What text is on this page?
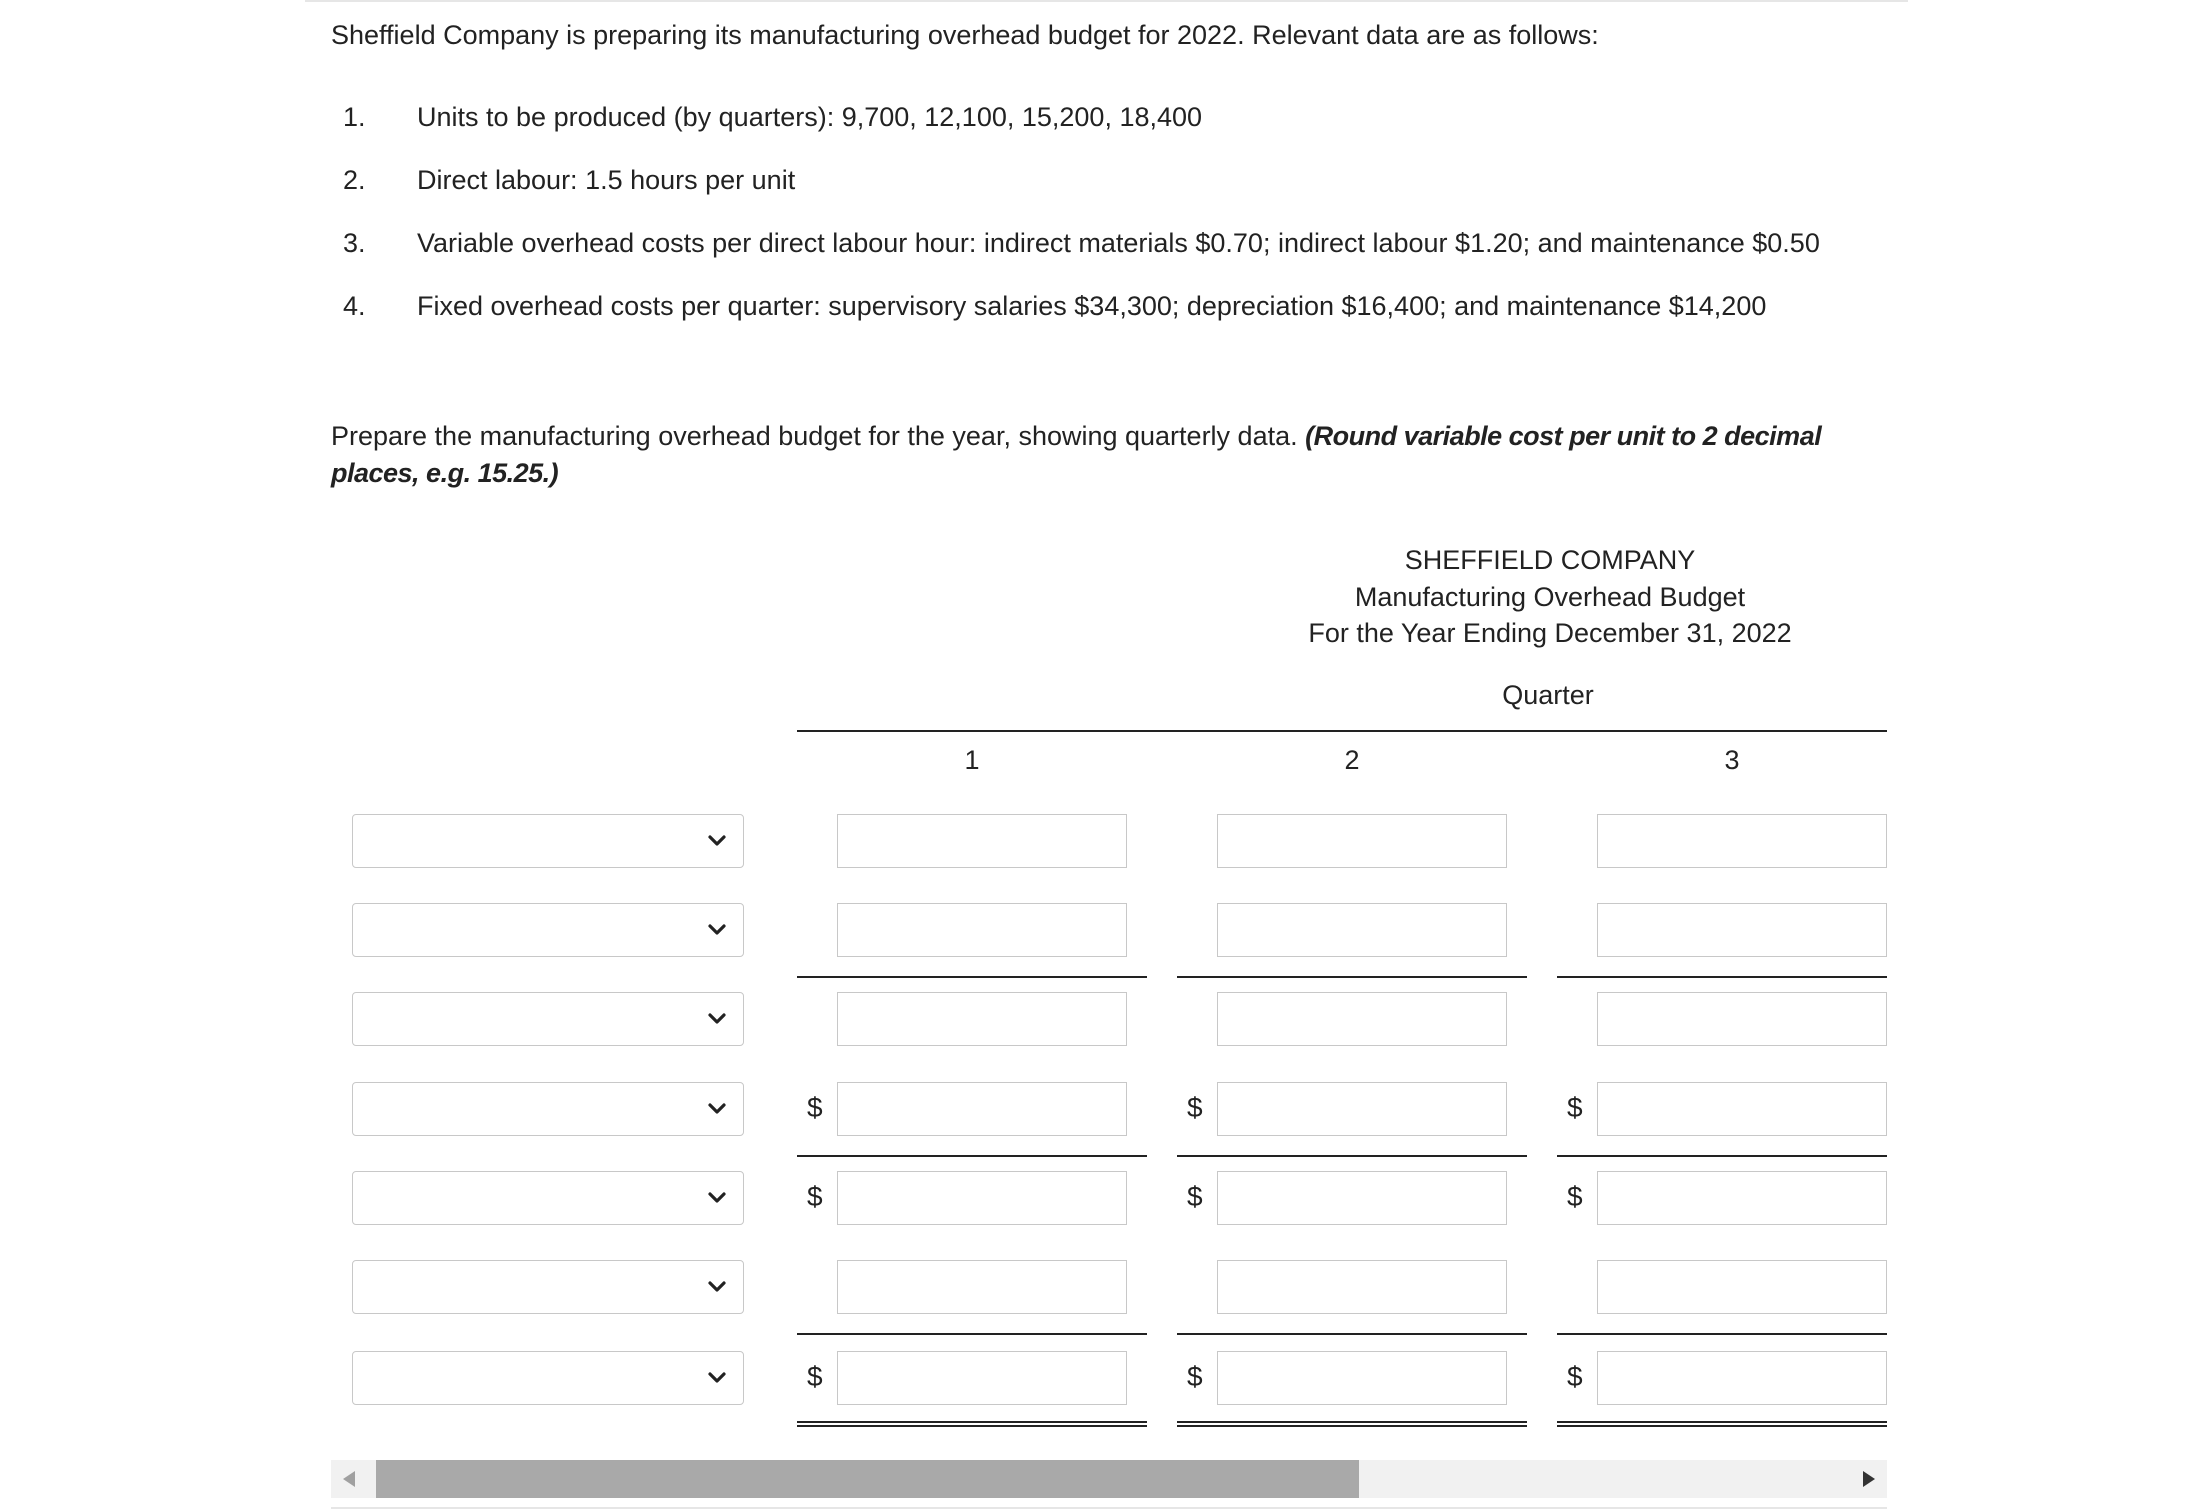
Sheffield Company is preparing its manufacturing overhead budget for 2022. Relevant data are as follows:
1. Units to be produced (by quarters): 9,700, 12,100, 15,200, 18,400
2. Direct labour: 1.5 hours per unit
3. Variable overhead costs per direct labour hour: indirect materials $0.70; indirect labour $1.20; and maintenance $0.50
4. Fixed overhead costs per quarter: supervisory salaries $34,300; depreciation $16,400; and maintenance $14,200
Prepare the manufacturing overhead budget for the year, showing quarterly data. (Round variable cost per unit to 2 decimal places, e.g. 15.25.)
SHEFFIELD COMPANY
Manufacturing Overhead Budget
For the Year Ending December 31, 2022
Quarter
1	2	3
$	$	$
$	$	$
$	$	$
